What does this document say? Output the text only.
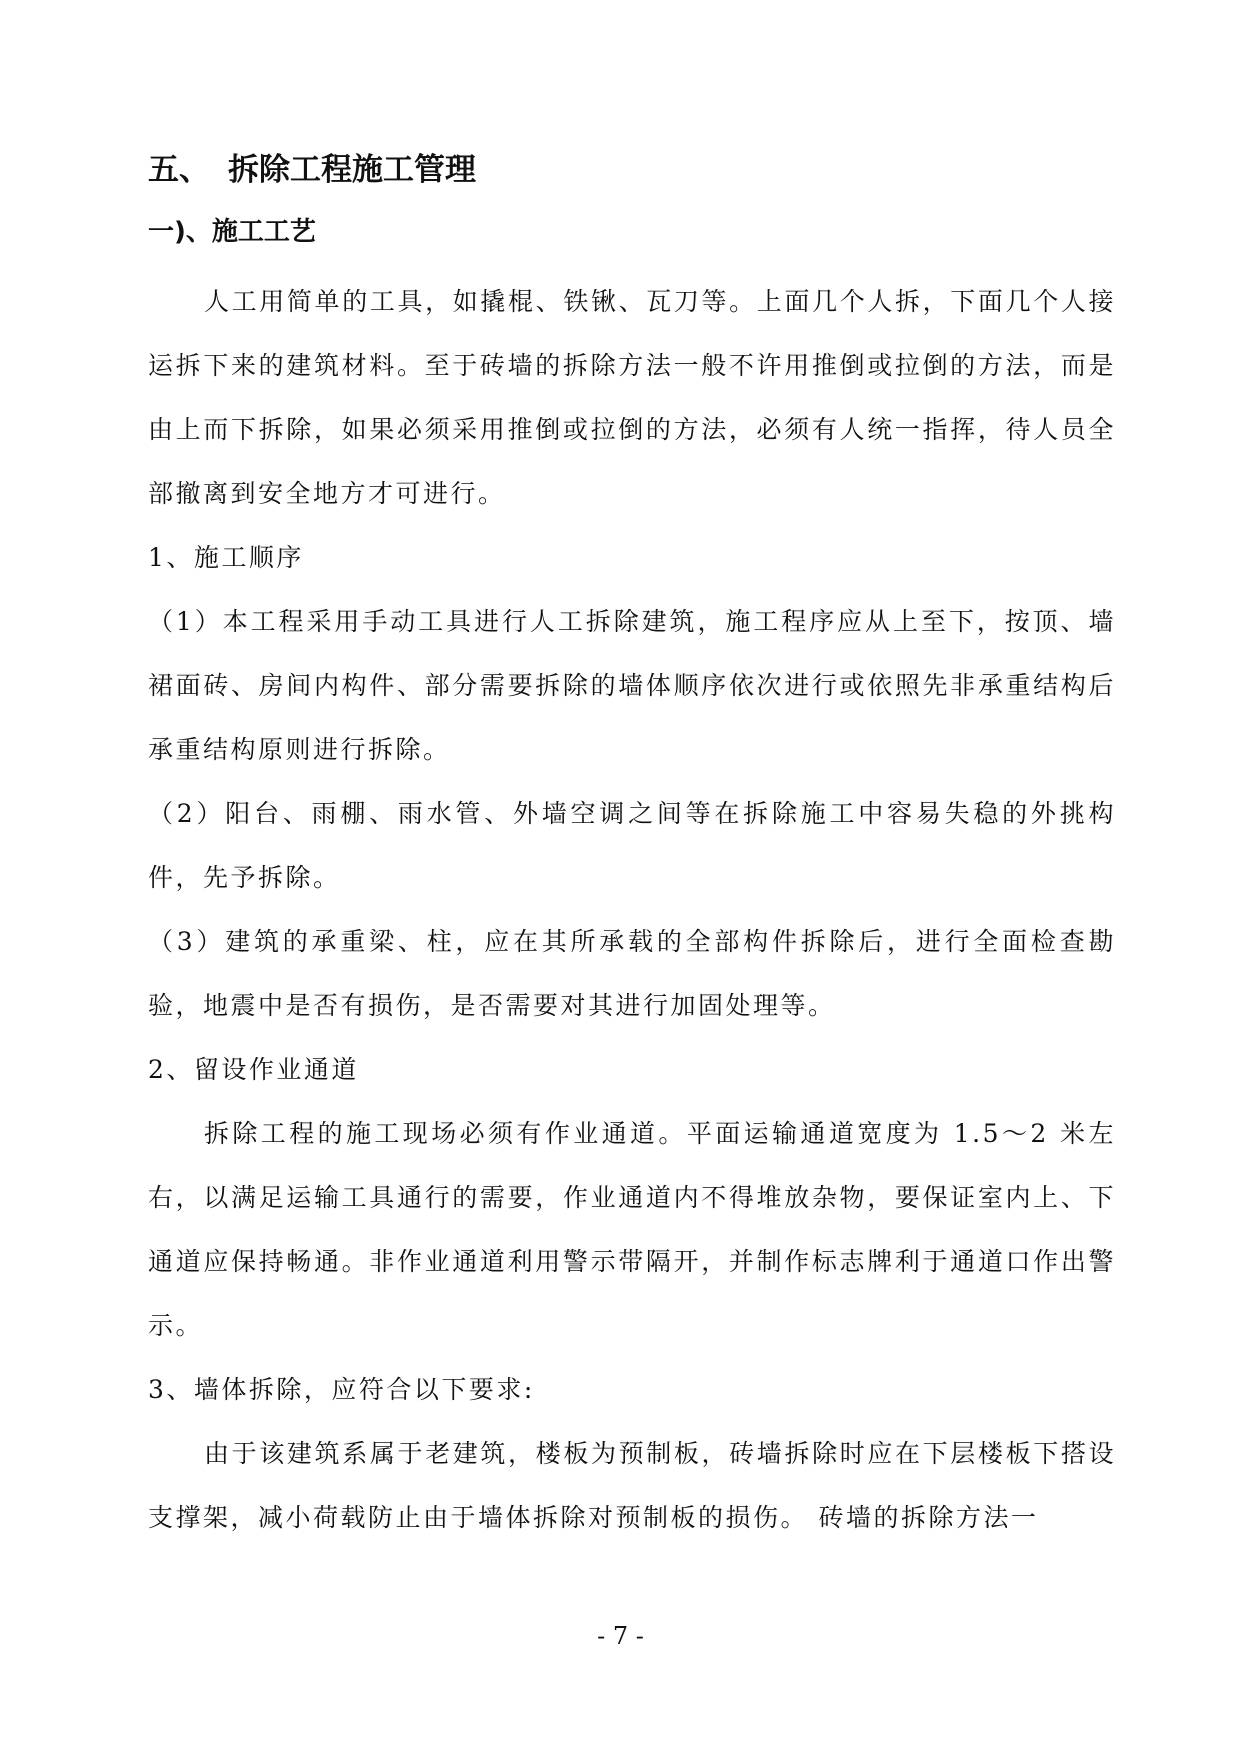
五、 拆除工程施工管理
一)、施工工艺

人工用简单的工具，如撬棍、铁锹、瓦刀等。上面几个人拆，下面几个人接运拆下来的建筑材料。至于砖墙的拆除方法一般不许用推倒或拉倒的方法，而是由上而下拆除，如果必须采用推倒或拉倒的方法，必须有人统一指挥，待人员全部撤离到安全地方才可进行。

1、施工顺序

（1）本工程采用手动工具进行人工拆除建筑，施工程序应从上至下，按顶、墙裙面砖、房间内构件、部分需要拆除的墙体顺序依次进行或依照先非承重结构后承重结构原则进行拆除。

（2）阳台、雨棚、雨水管、外墙空调之间等在拆除施工中容易失稳的外挑构件，先予拆除。

（3）建筑的承重梁、柱，应在其所承载的全部构件拆除后，进行全面检查勘验，地震中是否有损伤，是否需要对其进行加固处理等。

2、留设作业通道

拆除工程的施工现场必须有作业通道。平面运输通道宽度为 1.5～2 米左右，以满足运输工具通行的需要，作业通道内不得堆放杂物，要保证室内上、下通道应保持畅通。非作业通道利用警示带隔开，并制作标志牌利于通道口作出警示。

3、墙体拆除，应符合以下要求:

由于该建筑系属于老建筑，楼板为预制板，砖墙拆除时应在下层楼板下搭设支撑架，减小荷载防止由于墙体拆除对预制板的损伤。 砖墙的拆除方法一

- 7 -
